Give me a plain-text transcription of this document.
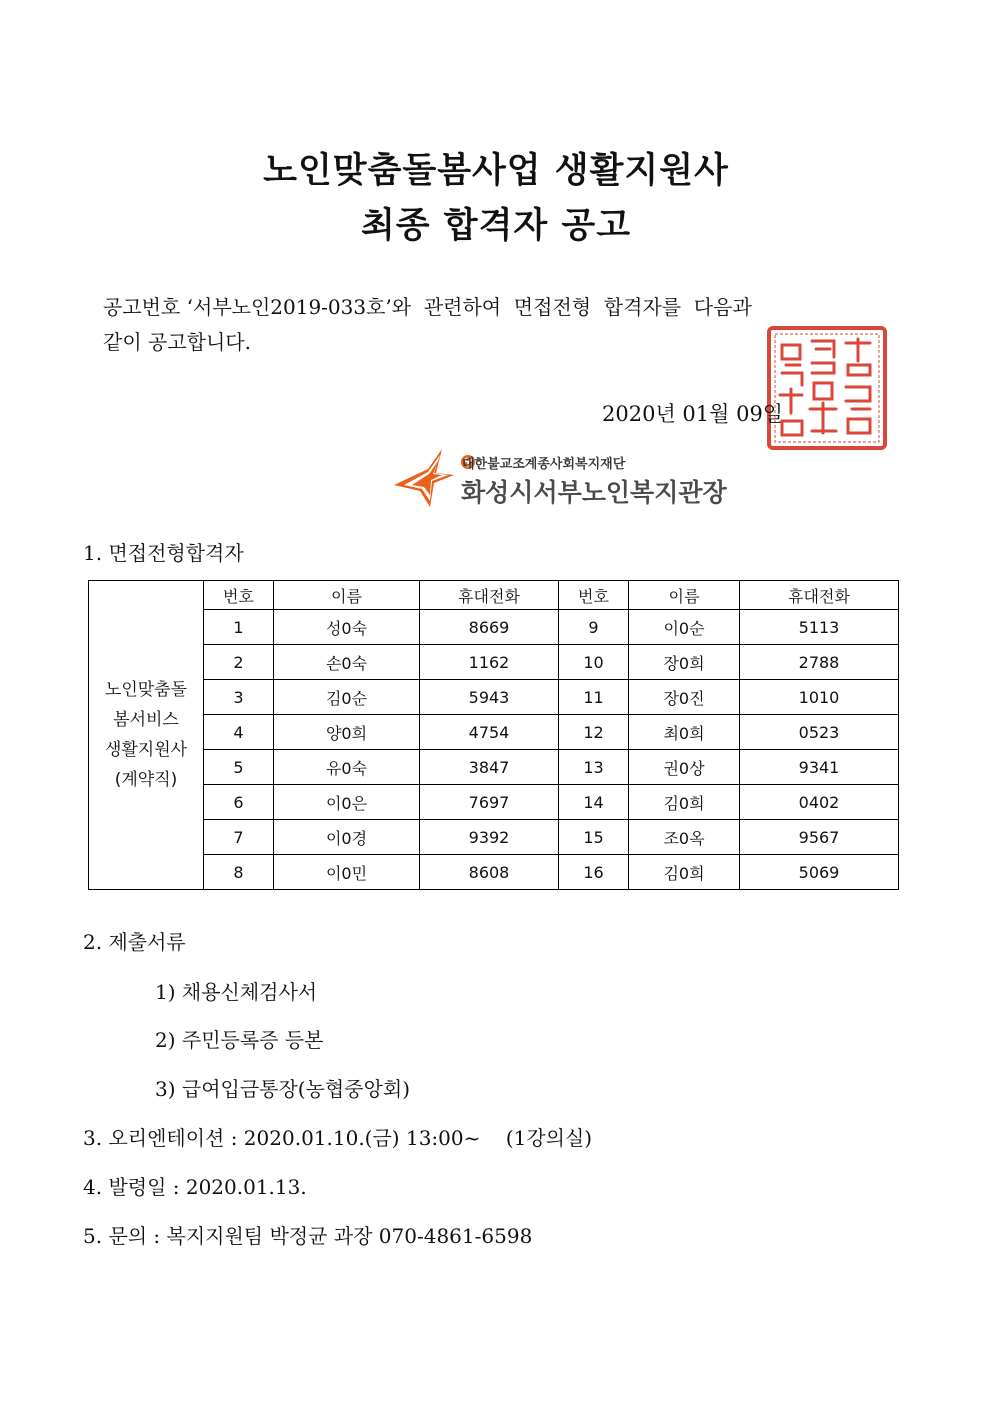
노인맞춤돌봄사업 생활지원사
최종 합격자 공고
공고번호 ‘서부노인2019-033호’와  관련하여  면접전형  합격자를  다음과
같이 공고합니다.
2020년 01월 09일
대한불교조계종사회복지재단
화성시서부노인복지관장
1. 면접전형합격자
노인맞춤돌
봄서비스
생활지원사
(계약직)	번호	이름	휴대전화	번호	이름	휴대전화
	1	성0숙	8669	9	이0순	5113
	2	손0숙	1162	10	장0희	2788
	3	김0순	5943	11	장0진	1010
	4	양0희	4754	12	최0희	0523
	5	유0숙	3847	13	권0상	9341
	6	이0은	7697	14	김0희	0402
	7	이0경	9392	15	조0옥	9567
	8	이0민	8608	16	김0희	5069
2. 제출서류
1) 채용신체검사서
2) 주민등록증 등본
3) 급여입금통장(농협중앙회)
3. 오리엔테이션 : 2020.01.10.(금) 13:00~    (1강의실)
4. 발령일 : 2020.01.13.
5. 문의 : 복지지원팀 박정균 과장 070-4861-6598
